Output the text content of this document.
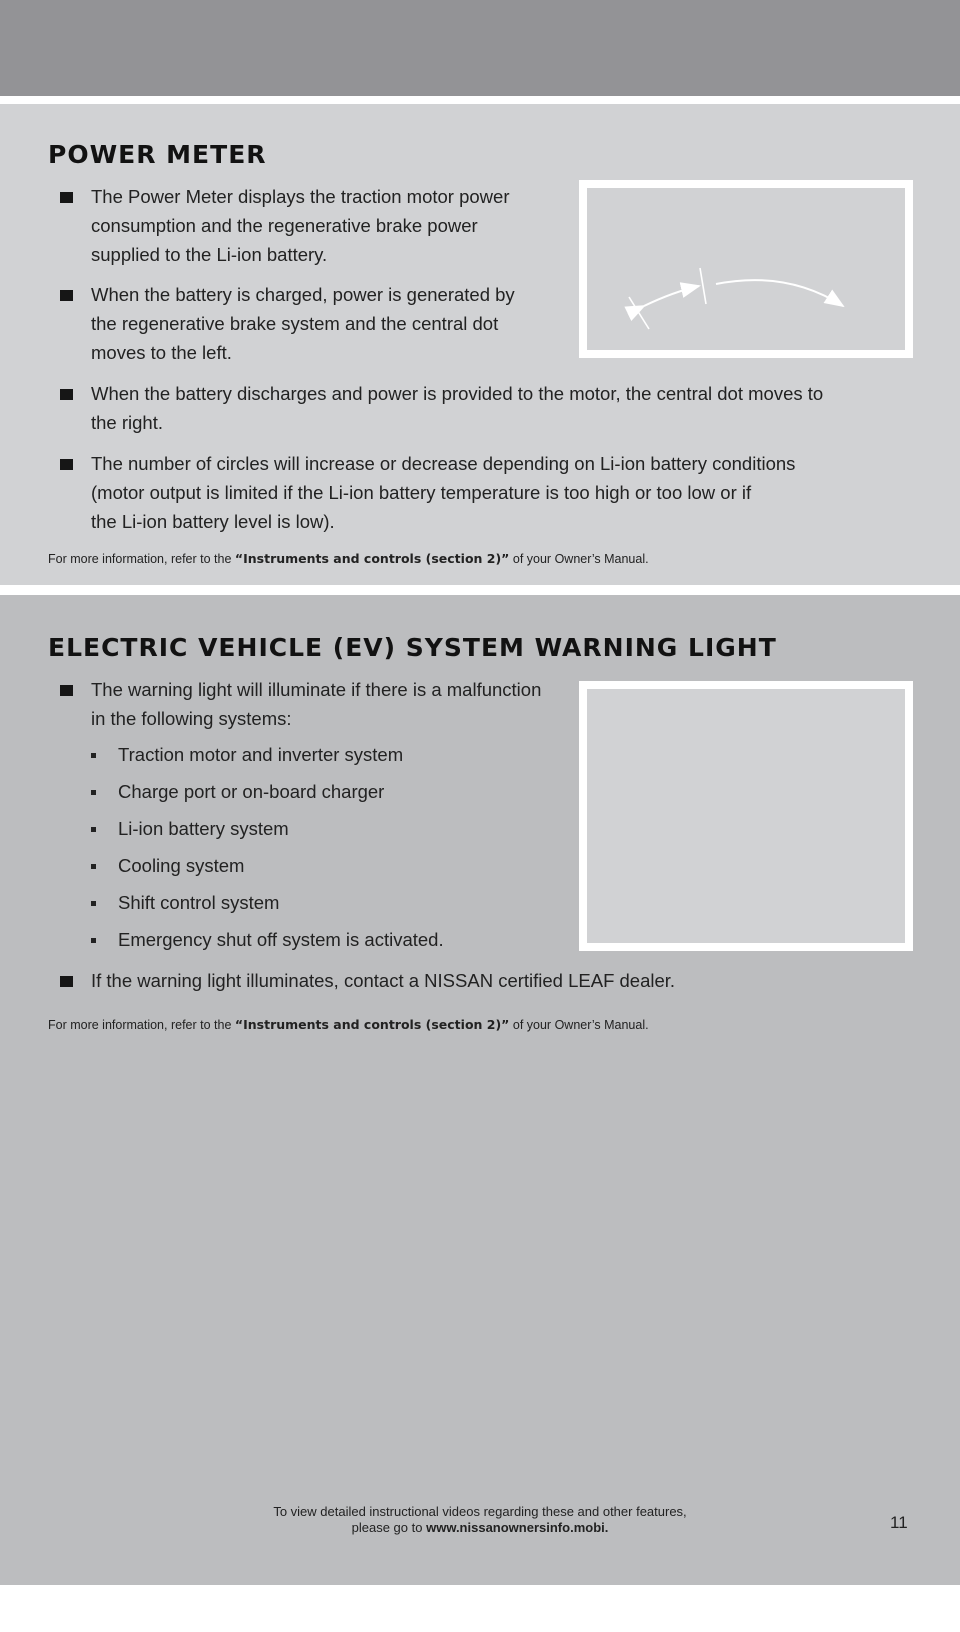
POWER METER
The Power Meter displays the traction motor power
consumption and the regenerative brake power
supplied to the Li-ion battery.
When the battery is charged, power is generated by
the regenerative brake system and the central dot
moves to the left.
When the battery discharges and power is provided to the motor, the central dot moves to
the right.
The number of circles will increase or decrease depending on Li-ion battery conditions
(motor output is limited if the Li-ion battery temperature is too high or too low or if
the Li-ion battery level is low).
For more information, refer to the “Instruments and controls (section 2)” of your Owner’s Manual.
ELECTRIC VEHICLE (EV) SYSTEM WARNING LIGHT
The warning light will illuminate if there is a malfunction
in the following systems:
Traction motor and inverter system
Charge port or on-board charger
Li-ion battery system
Cooling system
Shift control system
Emergency shut off system is activated.
If the warning light illuminates, contact a NISSAN certified LEAF dealer.
For more information, refer to the “Instruments and controls (section 2)” of your Owner’s Manual.
To view detailed instructional videos regarding these and other features,
please go to www.nissanownersinfo.mobi.	11
